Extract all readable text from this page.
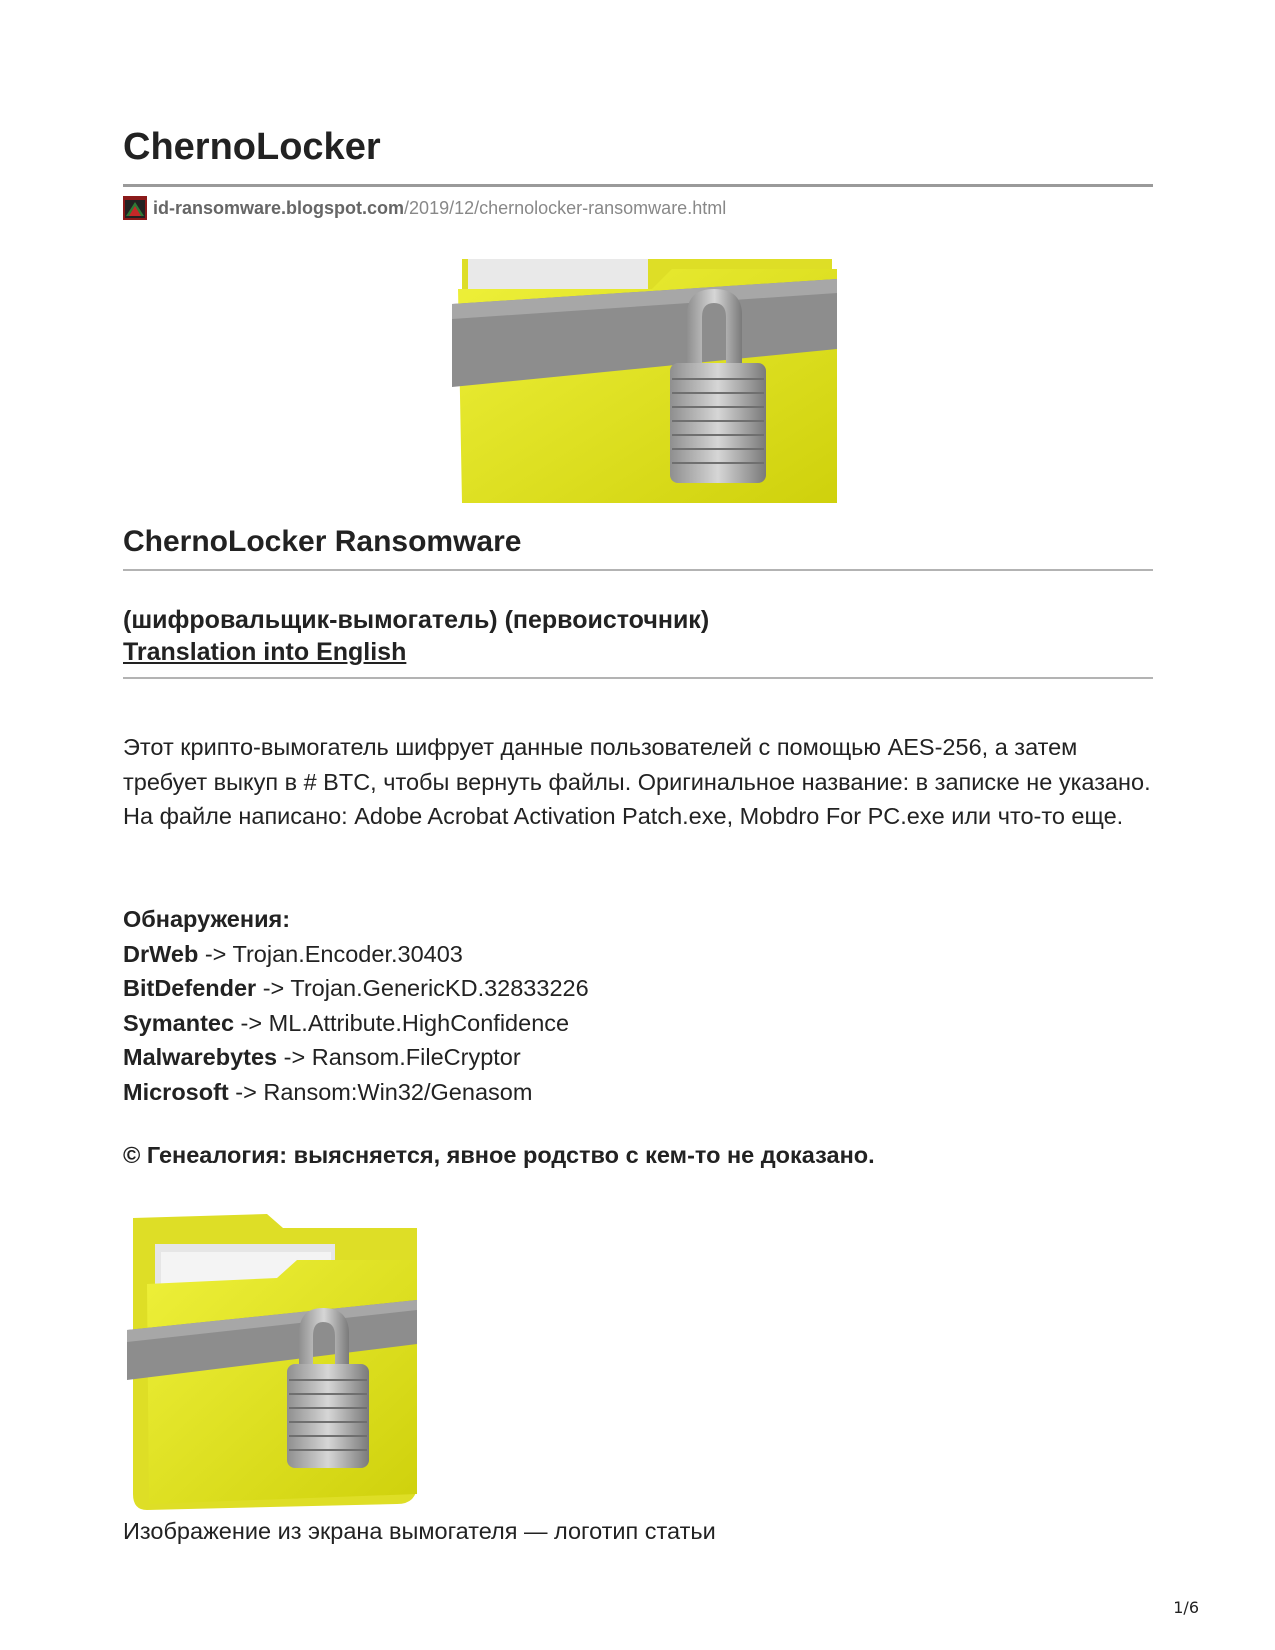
ChernoLocker
id-ransomware.blogspot.com /2019/12/chernolocker-ransomware.html
ChernoLocker Ransomware
(шифровальщик-вымогатель) (первоисточник)
Translation into English

Этот крипто-вымогатель шифрует данные пользователей с помощью AES-256, а затем требует выкуп в # BTC, чтобы вернуть файлы. Оригинальное название: в записке не указано. На файле написано: Adobe Acrobat Activation Patch.exe, Mobdro For PC.exe или что-то еще.

Обнаружения:
DrWeb -> Trojan.Encoder.30403
BitDefender -> Trojan.GenericKD.32833226
Symantec -> ML.Attribute.HighConfidence
Malwarebytes -> Ransom.FileCryptor
Microsoft -> Ransom:Win32/Genasom
© Генеалогия: выясняется, явное родство с кем-то не доказано.
Изображение из экрана вымогателя — логотип статьи
1/6
